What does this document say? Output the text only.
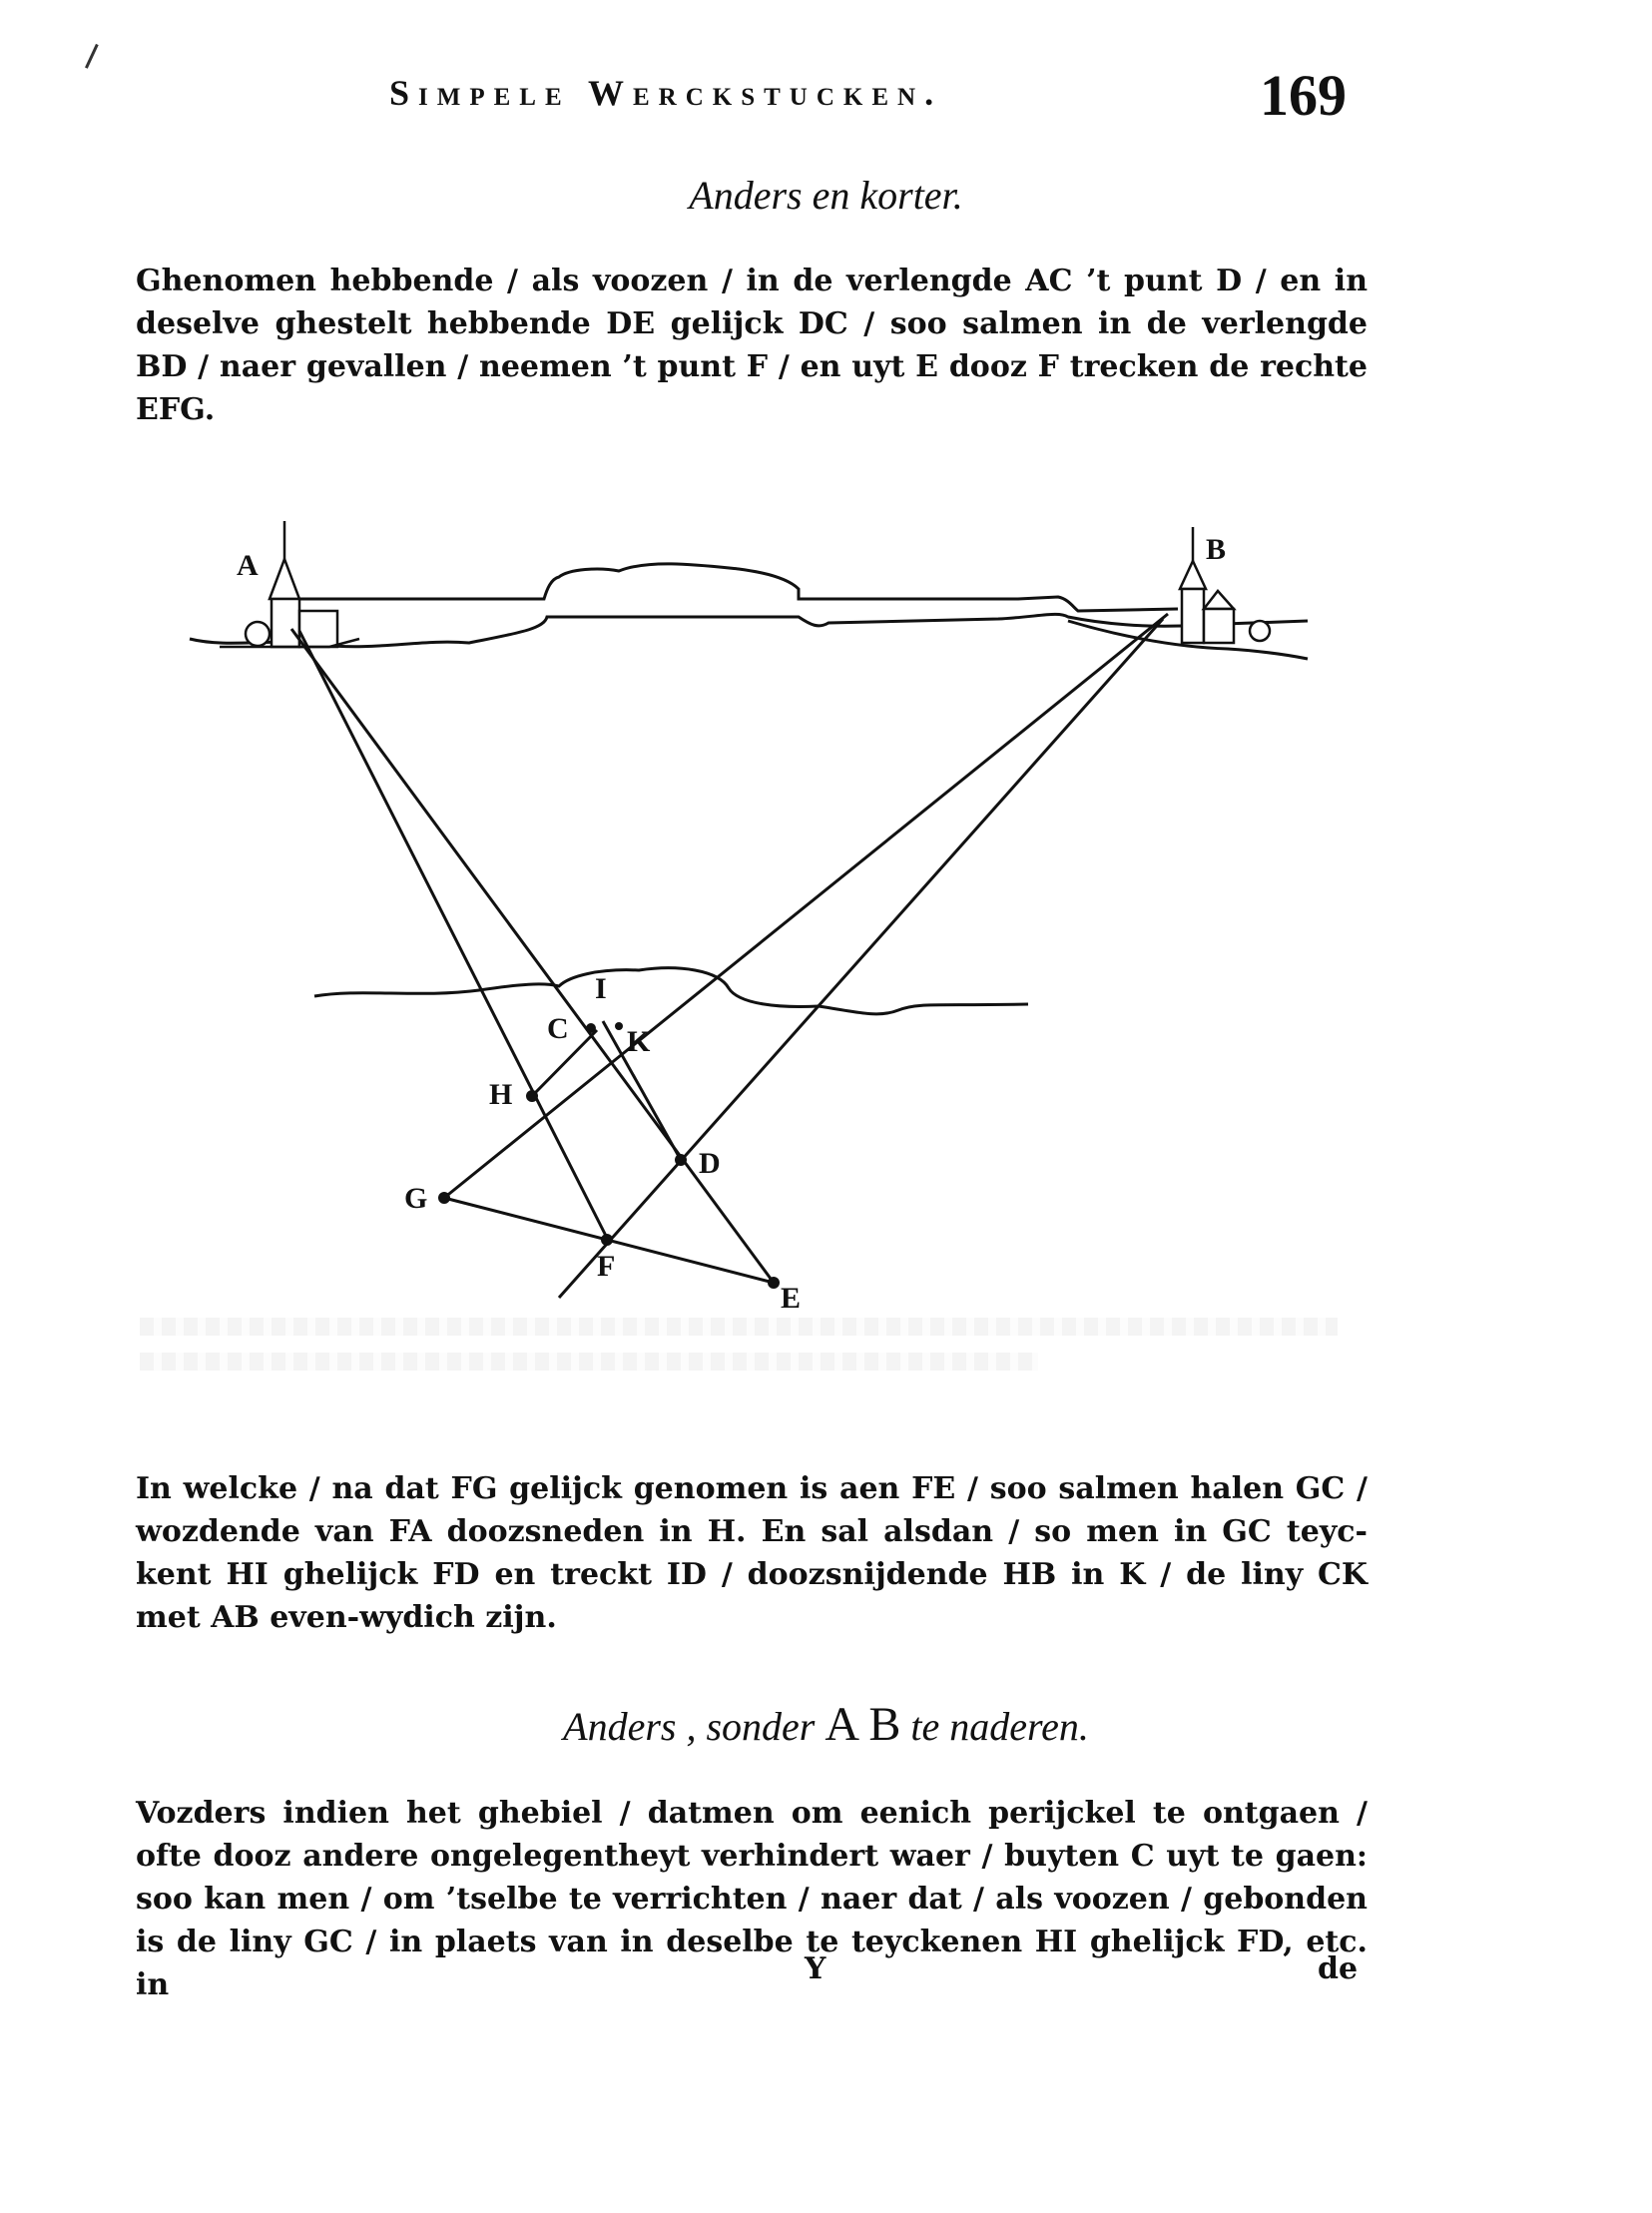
Simpele Werckstucken.	169
Anders en korter.
Ghenomen hebbende / als voozen / in de verlengde AC ’t punt D / en in deselve ghestelt hebbende DE gelijck DC / soo salmen in de verlengde BD / naer gevallen / neemen ’t punt F / en uyt E dooz F trecken de rechte EFG.
A	B
I
C K
H
D
G
F
E
In welcke / na dat FG gelijck genomen is aen FE / soo salmen halen GC / wozdende van FA doozsneden in H. En sal alsdan / so men in GC teyc-kent HI ghelijck FD en treckt ID / doozsnijdende HB in K / de liny CK met AB even-wydich zijn.
Anders , sonder A B te naderen.
Vozders indien het ghebiel / datmen om eenich perijckel te ontgaen / ofte dooz andere ongelegentheyt verhindert waer / buyten C uyt te gaen: soo kan men / om ’tselbe te verrichten / naer dat / als voozen / gebonden is de liny GC / in plaets van in deselbe te teyckenen HI ghelijck FD, etc. in	Y	de
